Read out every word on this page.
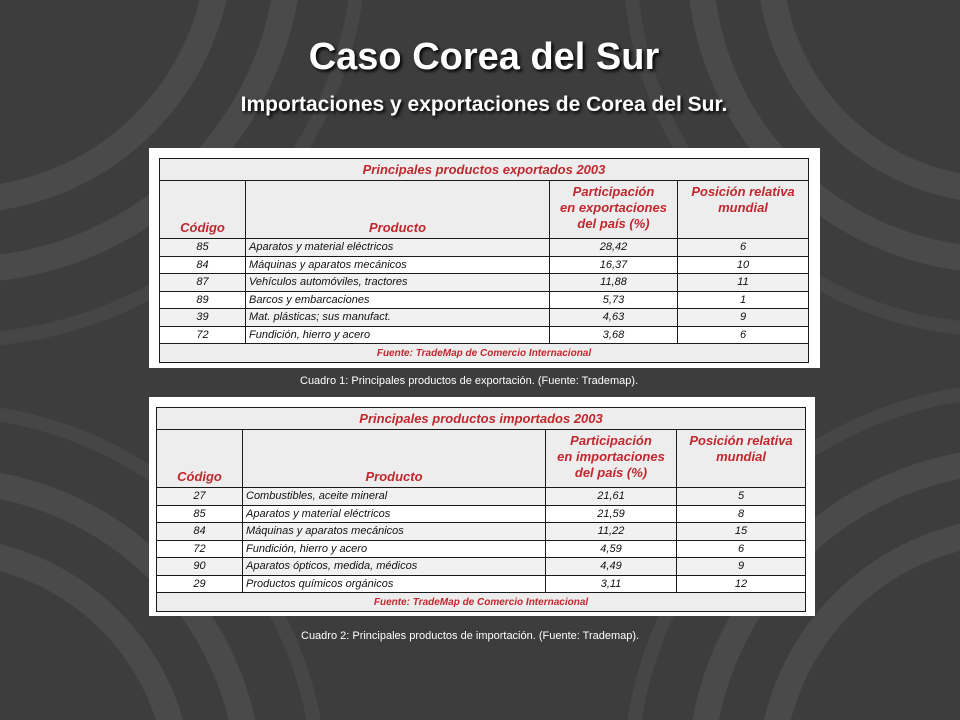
Caso Corea del Sur
Importaciones y exportaciones de Corea del Sur.
Principales productos exportados 2003			
Código	Producto	Participación
en exportaciones
del país (%)	Posición relativa
mundial
85	Aparatos y material eléctricos	28,42	6
84	Máquinas y aparatos mecánicos	16,37	10
87	Vehículos automóviles, tractores	11,88	11
89	Barcos y embarcaciones	5,73	1
39	Mat. plásticas; sus manufact.	4,63	9
72	Fundición, hierro y acero	3,68	6
Fuente: TradeMap de Comercio Internacional			

Cuadro 1: Principales productos de exportación. (Fuente: Trademap).

Principales productos importados 2003			
Código	Producto	Participación
en importaciones
del país (%)	Posición relativa
mundial
27	Combustibles, aceite mineral	21,61	5
85	Aparatos y material eléctricos	21,59	8
84	Máquinas y aparatos mecánicos	11,22	15
72	Fundición, hierro y acero	4,59	6
90	Aparatos ópticos, medida, médicos	4,49	9
29	Productos químicos orgánicos	3,11	12
Fuente: TradeMap de Comercio Internacional			

Cuadro 2: Principales productos de importación. (Fuente: Trademap).
